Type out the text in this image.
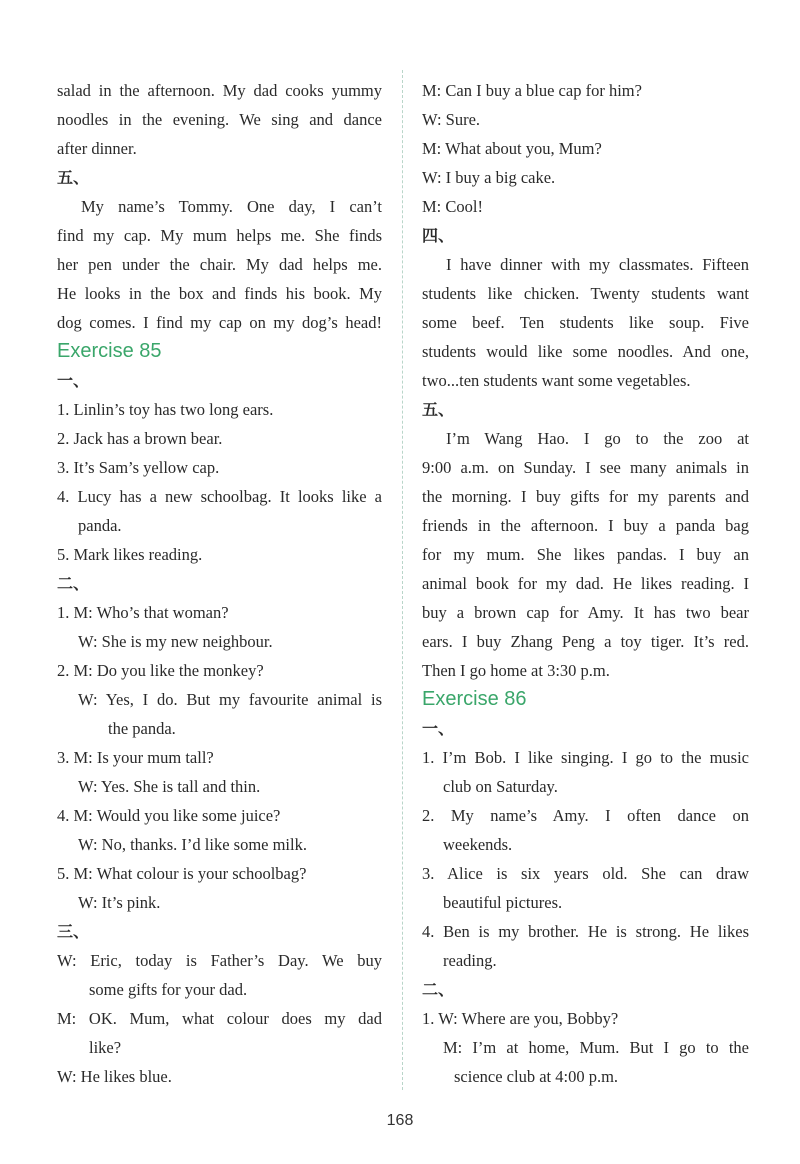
salad in the afternoon. My dad cooks yummy
noodles in the evening. We sing and dance
after dinner.
五、
My name’s Tommy. One day, I can’t
find my cap. My mum helps me. She finds
her pen under the chair. My dad helps me.
He looks in the box and finds his book. My
dog comes. I find my cap on my dog’s head!
Exercise 85
一、
1. Linlin’s toy has two long ears.
2. Jack has a brown bear.
3. It’s Sam’s yellow cap.
4. Lucy has a new schoolbag. It looks like a
panda.
5. Mark likes reading.
二、
1. M: Who’s that woman?
W: She is my new neighbour.
2. M: Do you like the monkey?
W: Yes, I do. But my favourite animal is
the panda.
3. M: Is your mum tall?
W: Yes. She is tall and thin.
4. M: Would you like some juice?
W: No, thanks. I’d like some milk.
5. M: What colour is your schoolbag?
W: It’s pink.
三、
W: Eric, today is Father’s Day. We buy
some gifts for your dad.
M: OK. Mum, what colour does my dad
like?
W: He likes blue.
M: Can I buy a blue cap for him?
W: Sure.
M: What about you, Mum?
W: I buy a big cake.
M: Cool!
四、
I have dinner with my classmates. Fifteen
students like chicken. Twenty students want
some beef. Ten students like soup. Five
students would like some noodles. And one,
two...ten students want some vegetables.
五、
I’m Wang Hao. I go to the zoo at
9:00 a.m. on Sunday. I see many animals in
the morning. I buy gifts for my parents and
friends in the afternoon. I buy a panda bag
for my mum. She likes pandas. I buy an
animal book for my dad. He likes reading. I
buy a brown cap for Amy. It has two bear
ears. I buy Zhang Peng a toy tiger. It’s red.
Then I go home at 3:30 p.m.
Exercise 86
一、
1. I’m Bob. I like singing. I go to the music
club on Saturday.
2. My name’s Amy. I often dance on
weekends.
3. Alice is six years old. She can draw
beautiful pictures.
4. Ben is my brother. He is strong. He likes
reading.
二、
1. W: Where are you, Bobby?
M: I’m at home, Mum. But I go to the
science club at 4:00 p.m.
168
